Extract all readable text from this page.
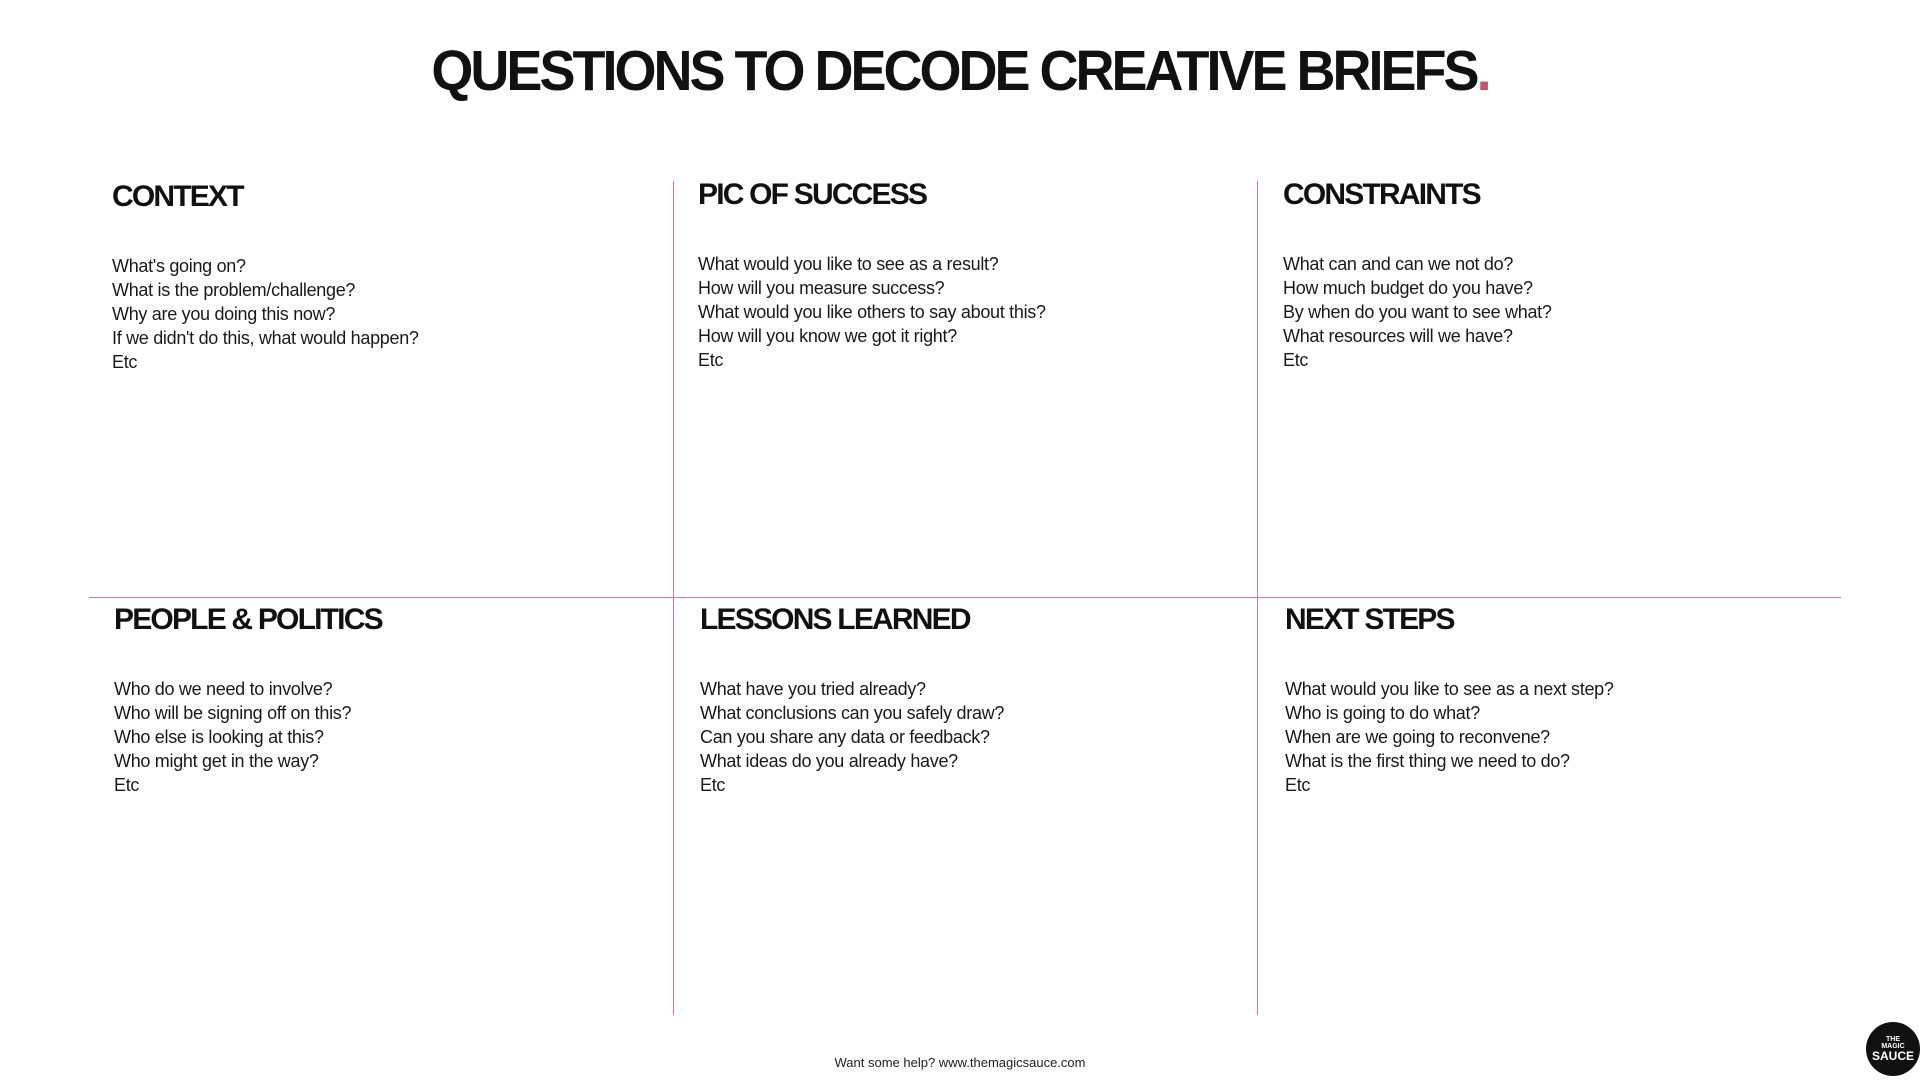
QUESTIONS TO DECODE CREATIVE BRIEFS.
CONTEXT
What's going on?
What is the problem/challenge?
Why are you doing this now?
If we didn't do this, what would happen?
Etc
PIC OF SUCCESS
What would you like to see as a result?
How will you measure success?
What would you like others to say about this?
How will you know we got it right?
Etc
CONSTRAINTS
What can and can we not do?
How much budget do you have?
By when do you want to see what?
What resources will we have?
Etc
PEOPLE & POLITICS
Who do we need to involve?
Who will be signing off on this?
Who else is looking at this?
Who might get in the way?
Etc
LESSONS LEARNED
What have you tried already?
What conclusions can you safely draw?
Can you share any data or feedback?
What ideas do you already have?
Etc
NEXT STEPS
What would you like to see as a next step?
Who is going to do what?
When are we going to reconvene?
What is the first thing we need to do?
Etc
Want some help? www.themagicsauce.com
THE
MAGIC
SAUCE
